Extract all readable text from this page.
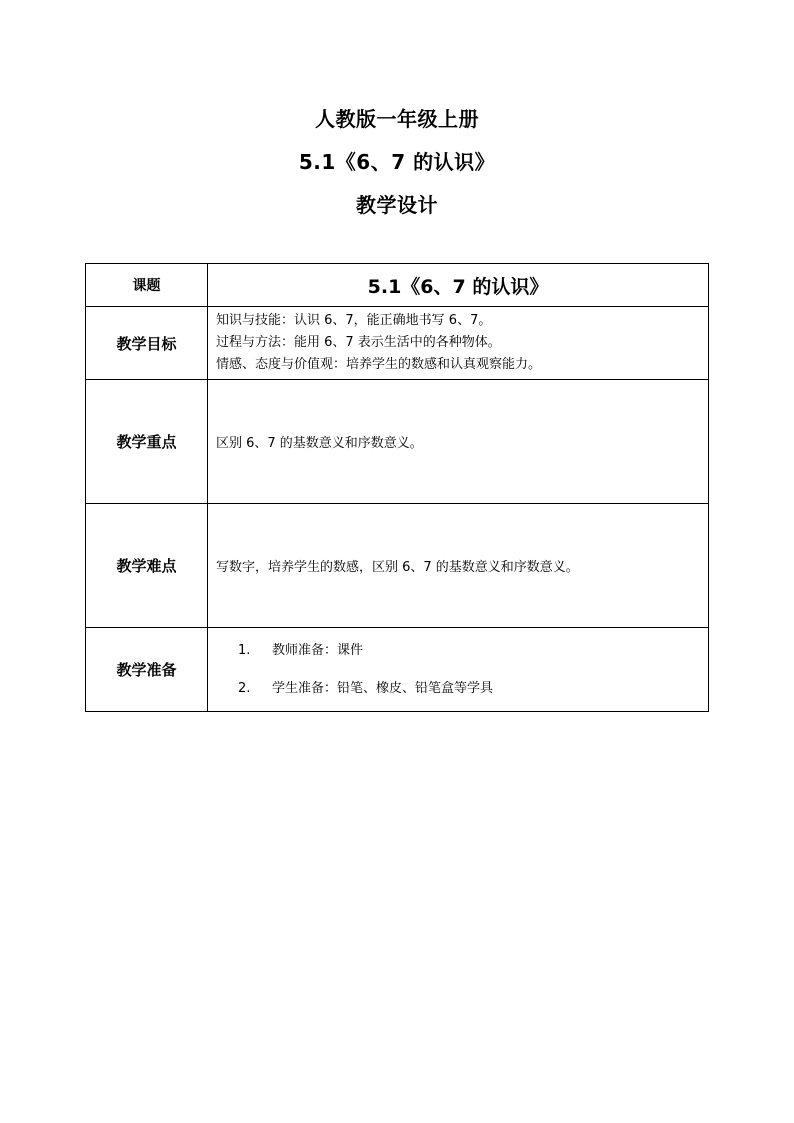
人教版一年级上册
5.1《6、7 的认识》
教学设计
课题	5.1《6、7 的认识》
教学目标	知识与技能：认识 6、7，能正确地书写 6、7。
过程与方法：能用 6、7 表示生活中的各种物体。
情感、态度与价值观：培养学生的数感和认真观察能力。

教学重点	区别 6、7 的基数意义和序数意义。
教学难点	写数字，培养学生的数感，区别 6、7 的基数意义和序数意义。
教学准备	1. 教师准备：课件
2. 学生准备：铅笔、橡皮、铅笔盒等学具
